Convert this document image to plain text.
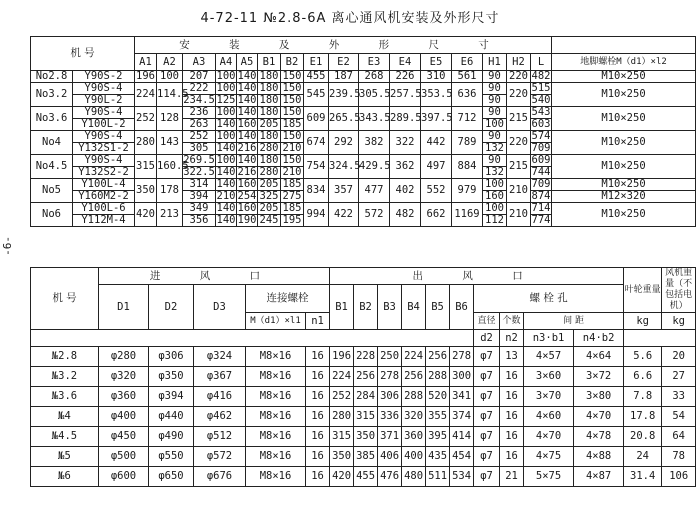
4-72-11 №2.8-6A 离心通风机安装及外形尺寸
-6-
机 号		安 装 及 外 形 尺 寸																
		A1	A2	A3	A4	A5	B1	B2	E1	E2	E3	E4	E5	E6	H1	H2	L	地脚螺栓M（d1）×l2
No2.8	Y90S-2	196	100	207	100	140	180	150	455	187	268	226	310	561	90	220	482	M10×250
No3.2	Y90S-4	224	114.5	222	100	140	180	150	545	239.5	305.5	257.5	353.5	636	90	220	515	M10×250
	Y90L-2			234.5	125	140	180	150							90		540	
No3.6	Y90S-4	252	128	236	100	140	180	150	609	265.5	343.5	289.5	397.5	712	90	215	543	M10×250
	Y100L-2			263	140	160	205	185							100		603	
No4	Y90S-4	280	143	252	100	140	180	150	674	292	382	322	442	789	90	220	574	M10×250
	Y132S1-2			305	140	216	280	210							132		709	
No4.5	Y90S-4	315	160.5	269.5	100	140	180	150	754	324.5	429.5	362	497	884	90	215	609	M10×250
	Y132S2-2			322.5	140	216	280	210							132		744	
No5	Y100L-4	350	178	314	140	160	205	185	834	357	477	402	552	979	100	210	709	M10×250
	Y160M2-2			394	210	254	325	275							160		874	M12×320
No6	Y100L-6	420	213	349	140	160	205	185	994	422	572	482	662	1169	100	210	714	M10×250
	Y112M-4			356	140	190	245	195							112		774	
机 号	进 风 口					出 风 口										叶轮重量	风机重量（不包括电机）
	D1	D2	D3	连接螺栓		B1	B2	B3	B4	B5	B6	螺 栓 孔					
				M（d1）×l1	n1							直径	个数	间 距		kg	kg
												d2	n2	n3·b1	n4·b2		
№2.8	φ280	φ306	φ324	M8×16	16	196	228	250	224	256	278	φ7	13	4×57	4×64	5.6	20
№3.2	φ320	φ350	φ367	M8×16	16	224	256	278	256	288	300	φ7	16	3×60	3×72	6.6	27
№3.6	φ360	φ394	φ416	M8×16	16	252	284	306	288	520	341	φ7	16	3×70	3×80	7.8	33
№4	φ400	φ440	φ462	M8×16	16	280	315	336	320	355	374	φ7	16	4×60	4×70	17.8	54
№4.5	φ450	φ490	φ512	M8×16	16	315	350	371	360	395	414	φ7	16	4×70	4×78	20.8	64
№5	φ500	φ550	φ572	M8×16	16	350	385	406	400	435	454	φ7	16	4×75	4×88	24	78
№6	φ600	φ650	φ676	M8×16	16	420	455	476	480	511	534	φ7	21	5×75	4×87	31.4	106
